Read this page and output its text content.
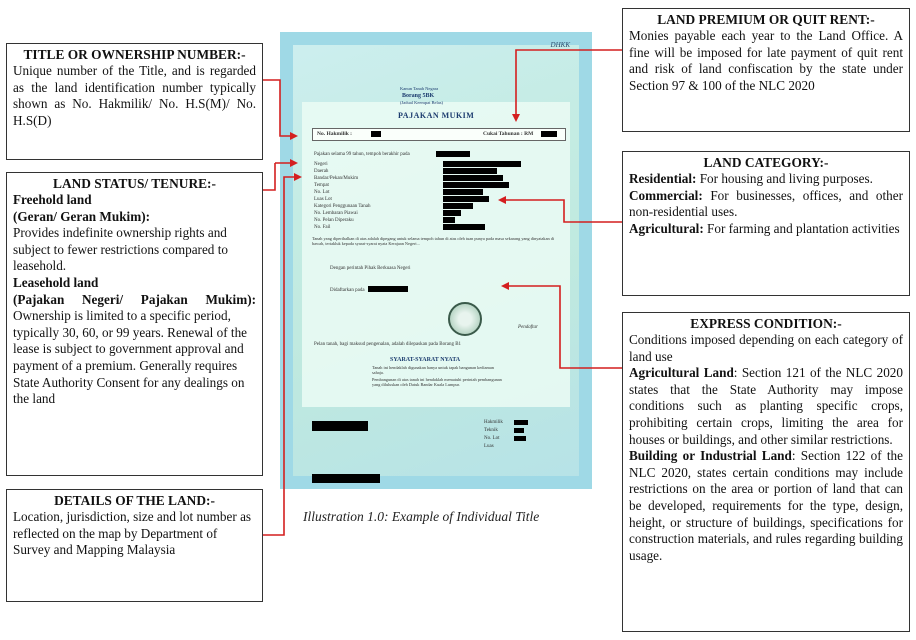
TITLE OR OWNERSHIP NUMBER:-
Unique number of the Title, and is regarded as the land identification number typically shown as No. Hakmilik/ No. H.S(M)/ No. H.S(D)
LAND STATUS/ TENURE:-
Freehold land
(Geran/ Geran Mukim):
Provides indefinite ownership rights and subject to fewer restrictions compared to leasehold.
Leasehold land
(Pajakan Negeri/ Pajakan Mukim):
Ownership is limited to a specific period, typically 30, 60, or 99 years. Renewal of the lease is subject to government approval and payment of a premium. Generally requires State Authority Consent for any dealings on the land
DETAILS OF THE LAND:-
Location, jurisdiction, size and lot number as reflected on the map by Department of Survey and Mapping Malaysia
LAND PREMIUM OR QUIT RENT:-
Monies payable each year to the Land Office. A fine will be imposed for late payment of quit rent and risk of land confiscation by the state under Section 97 & 100 of the NLC 2020
LAND CATEGORY:-
Residential: For housing and living purposes.
Commercial: For businesses, offices, and other non-residential uses.
Agricultural: For farming and plantation activities
EXPRESS CONDITION:-
Conditions imposed depending on each category of land use
Agricultural Land: Section 121 of the NLC 2020 states that the State Authority may impose conditions such as planting specific crops, prohibiting certain crops, limiting the area for houses or buildings, and other similar restrictions.
Building or Industrial Land: Section 122 of the NLC 2020, states certain conditions may include restrictions on the area or portion of land that can be developed, requirements for the type, design, height, or structure of buildings, specifications for construction materials, and rules regarding building usage.
DHKK
Kanun Tanah Negara
Borang 5BK
(Jadual Keempat Belas)
PAJAKAN MUKIM
No. Hakmilik :	Cukai Tahunan : RM
Pajakan selama 99 tahun, tempoh berakhir pada
Negeri
Daerah
Bandar/Pekan/Mukim
Tempat
No. Lot
Luas Lot
Kategori Penggunaan Tanah
No. Lembaran Piawai
No. Pelan Diperaku
No. Fail
Tanah yang diperihalkan di atas adalah dipegang untuk selama tempoh tahun di atas oleh tuan punya pada masa sekarang yang dinyatakan di bawah, tertakluk kepada syarat-syarat nyata Kerajaan Negeri...
Dengan perintah Pihak Berkuasa Negeri
Didaftarkan pada
Pendaftar
Pelan tanah, bagi maksud pengenalan, adalah dilepaskan pada Borang B1
SYARAT-SYARAT NYATA
Tanah ini hendaklah digunakan hanya untuk tapak bangunan kediaman sahaja.
Pembangunan di atas tanah ini hendaklah mematuhi perintah pembangunan yang diluluskan oleh Datuk Bandar Kuala Lumpur.
Hakmilik
Teknik
No. Lot
Luas
Illustration 1.0: Example of Individual Title
